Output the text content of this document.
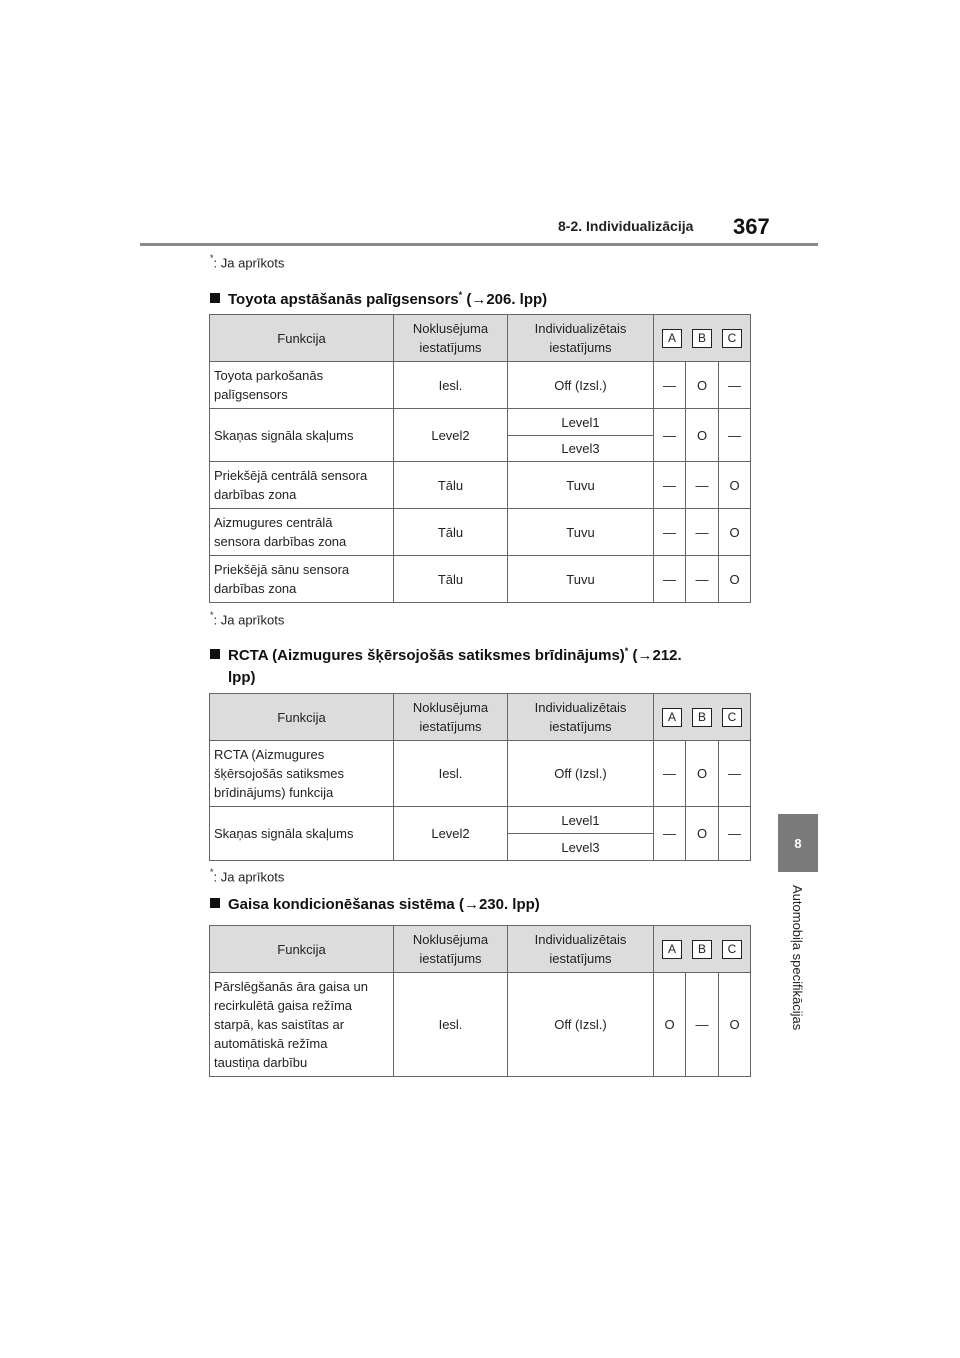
8-2. Individualizācija 367
8
Automobiļa specifikācijas
*: Ja aprīkots
Toyota apstāšanās palīgsensors* (→206. lpp)
Funkcija	Noklusējuma
iestatījums	Individualizētais
iestatījums	A B C		
Toyota parkošanās
palīgsensors	Iesl.	Off (Izsl.)	—	O	—
Skaņas signāla skaļums	Level2	Level1	—	O	—
		Level3			
Priekšējā centrālā sensora
darbības zona	Tālu	Tuvu	—	—	O
Aizmugures centrālā
sensora darbības zona	Tālu	Tuvu	—	—	O
Priekšējā sānu sensora
darbības zona	Tālu	Tuvu	—	—	O
*: Ja aprīkots
RCTA (Aizmugures šķērsojošās satiksmes brīdinājums)* (→212.
lpp)
Funkcija	Noklusējuma
iestatījums	Individualizētais
iestatījums	A B C		
RCTA (Aizmugures
šķērsojošās satiksmes
brīdinājums) funkcija	Iesl.	Off (Izsl.)	—	O	—
Skaņas signāla skaļums	Level2	Level1	—	O	—
		Level3			
*: Ja aprīkots
Gaisa kondicionēšanas sistēma (→230. lpp)
Funkcija	Noklusējuma
iestatījums	Individualizētais
iestatījums	A B C		
Pārslēgšanās āra gaisa un
recirkulētā gaisa režīma
starpā, kas saistītas ar
automātiskā režīma
taustiņa darbību	Iesl.	Off (Izsl.)	O	—	O
